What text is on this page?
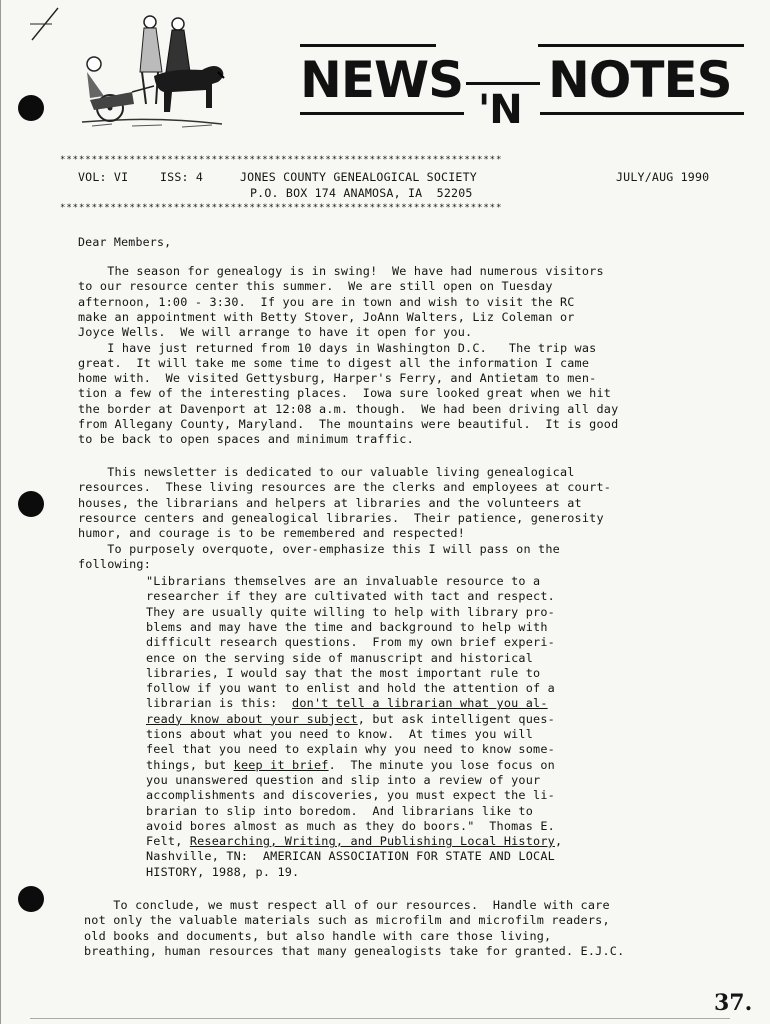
NEWS
'N
NOTES
**********************************************************************
VOL: VI	ISS: 4	JONES COUNTY GENEALOGICAL SOCIETY	JULY/AUG 1990
P.O. BOX 174 ANAMOSA, IA  52205
**********************************************************************
Dear Members,

The season for genealogy is in swing!  We have had numerous visitors

to our resource center this summer.  We are still open on Tuesday

afternoon, 1:00 - 3:30.  If you are in town and wish to visit the RC

make an appointment with Betty Stover, JoAnn Walters, Liz Coleman or

Joyce Wells.  We will arrange to have it open for you.

I have just returned from 10 days in Washington D.C.   The trip was

great.  It will take me some time to digest all the information I came

home with.  We visited Gettysburg, Harper's Ferry, and Antietam to men-

tion a few of the interesting places.  Iowa sure looked great when we hit

the border at Davenport at 12:08 a.m. though.  We had been driving all day

from Allegany County, Maryland.  The mountains were beautiful.  It is good

to be back to open spaces and minimum traffic.

This newsletter is dedicated to our valuable living genealogical

resources.  These living resources are the clerks and employees at court-

houses, the librarians and helpers at libraries and the volunteers at

resource centers and genealogical libraries.  Their patience, generosity

humor, and courage is to be remembered and respected!

To purposely overquote, over-emphasize this I will pass on the

following:

"Librarians themselves are an invaluable resource to a

researcher if they are cultivated with tact and respect.

They are usually quite willing to help with library pro-

blems and may have the time and background to help with

difficult research questions.  From my own brief experi-

ence on the serving side of manuscript and historical

libraries, I would say that the most important rule to

follow if you want to enlist and hold the attention of a

librarian is this:  don't tell a librarian what you al-

ready know about your subject, but ask intelligent ques-

tions about what you need to know.  At times you will

feel that you need to explain why you need to know some-

things, but keep it brief.  The minute you lose focus on

you unanswered question and slip into a review of your

accomplishments and discoveries, you must expect the li-

brarian to slip into boredom.  And librarians like to

avoid bores almost as much as they do boors."  Thomas E.

Felt, Researching, Writing, and Publishing Local History,

Nashville, TN:  AMERICAN ASSOCIATION FOR STATE AND LOCAL

HISTORY, 1988, p. 19.

To conclude, we must respect all of our resources.  Handle with care

not only the valuable materials such as microfilm and microfilm readers,

old books and documents, but also handle with care those living,

breathing, human resources that many genealogists take for granted. E.J.C.

37.
